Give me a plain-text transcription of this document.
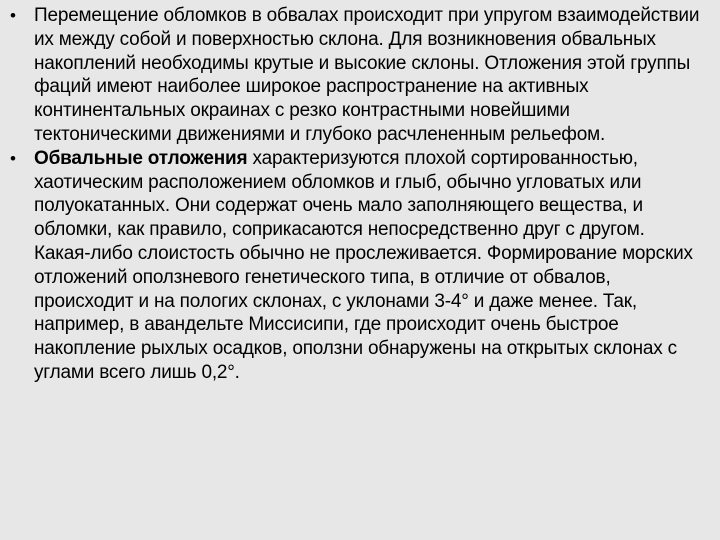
• Перемещение обломков в обвалах происходит при упругом взаимодействии их между собой и поверхностью склона. Для возникновения обвальных накоплений необходимы крутые и высокие склоны. Отложения этой группы фаций имеют наиболее широкое распространение на активных континентальных окраинах с резко контрастными новейшими тектоническими движениями и глубоко расчлененным рельефом.
• Обвальные отложения характеризуются плохой сортированностью, хаотическим расположением обломков и глыб, обычно угловатых или полуокатанных. Они содержат очень мало заполняющего вещества, и обломки, как правило, соприкасаются непосредственно друг с другом. Какая-либо слоистость обычно не прослеживается. Формирование морских отложений оползневого генетического типа, в отличие от обвалов, происходит и на пологих склонах, с уклонами 3-4° и даже менее. Так, например, в авандельте Миссисипи, где происходит очень быстрое накопление рыхлых осадков, оползни обнаружены на открытых склонах с углами всего лишь 0,2°.
